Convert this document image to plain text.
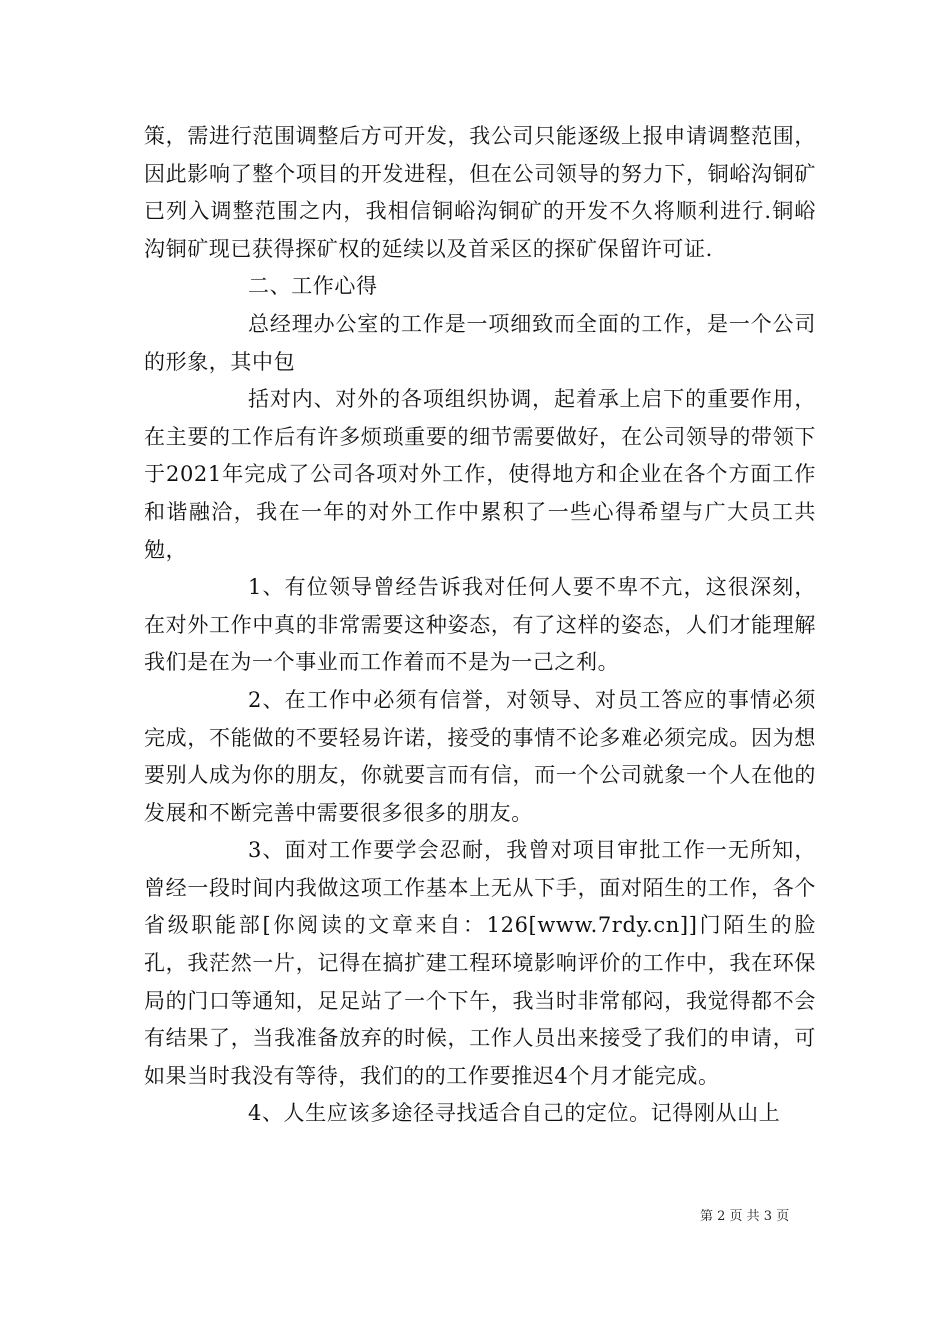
策，需进行范围调整后方可开发，我公司只能逐级上报申请调整范围，因此影响了整个项目的开发进程，但在公司领导的努力下，铜峪沟铜矿已列入调整范围之内，我相信铜峪沟铜矿的开发不久将顺利进行.铜峪沟铜矿现已获得探矿权的延续以及首采区的探矿保留许可证.

二、工作心得

总经理办公室的工作是一项细致而全面的工作，是一个公司的形象，其中包

括对内、对外的各项组织协调，起着承上启下的重要作用，在主要的工作后有许多烦琐重要的细节需要做好，在公司领导的带领下于2021年完成了公司各项对外工作，使得地方和企业在各个方面工作和谐融洽，我在一年的对外工作中累积了一些心得希望与广大员工共勉，

1、有位领导曾经告诉我对任何人要不卑不亢，这很深刻，在对外工作中真的非常需要这种姿态，有了这样的姿态，人们才能理解我们是在为一个事业而工作着而不是为一己之利。

2、在工作中必须有信誉，对领导、对员工答应的事情必须完成，不能做的不要轻易许诺，接受的事情不论多难必须完成。因为想要别人成为你的朋友，你就要言而有信，而一个公司就象一个人在他的发展和不断完善中需要很多很多的朋友。

3、面对工作要学会忍耐，我曾对项目审批工作一无所知，曾经一段时间内我做这项工作基本上无从下手，面对陌生的工作，各个省级职能部[你阅读的文章来自：126[www.7rdy.cn]]门陌生的脸孔，我茫然一片，记得在搞扩建工程环境影响评价的工作中，我在环保局的门口等通知，足足站了一个下午，我当时非常郁闷，我觉得都不会有结果了，当我准备放弃的时候，工作人员出来接受了我们的申请，可如果当时我没有等待，我们的的工作要推迟4个月才能完成。

4、人生应该多途径寻找适合自己的定位。记得刚从山上

第 2 页 共 3 页
